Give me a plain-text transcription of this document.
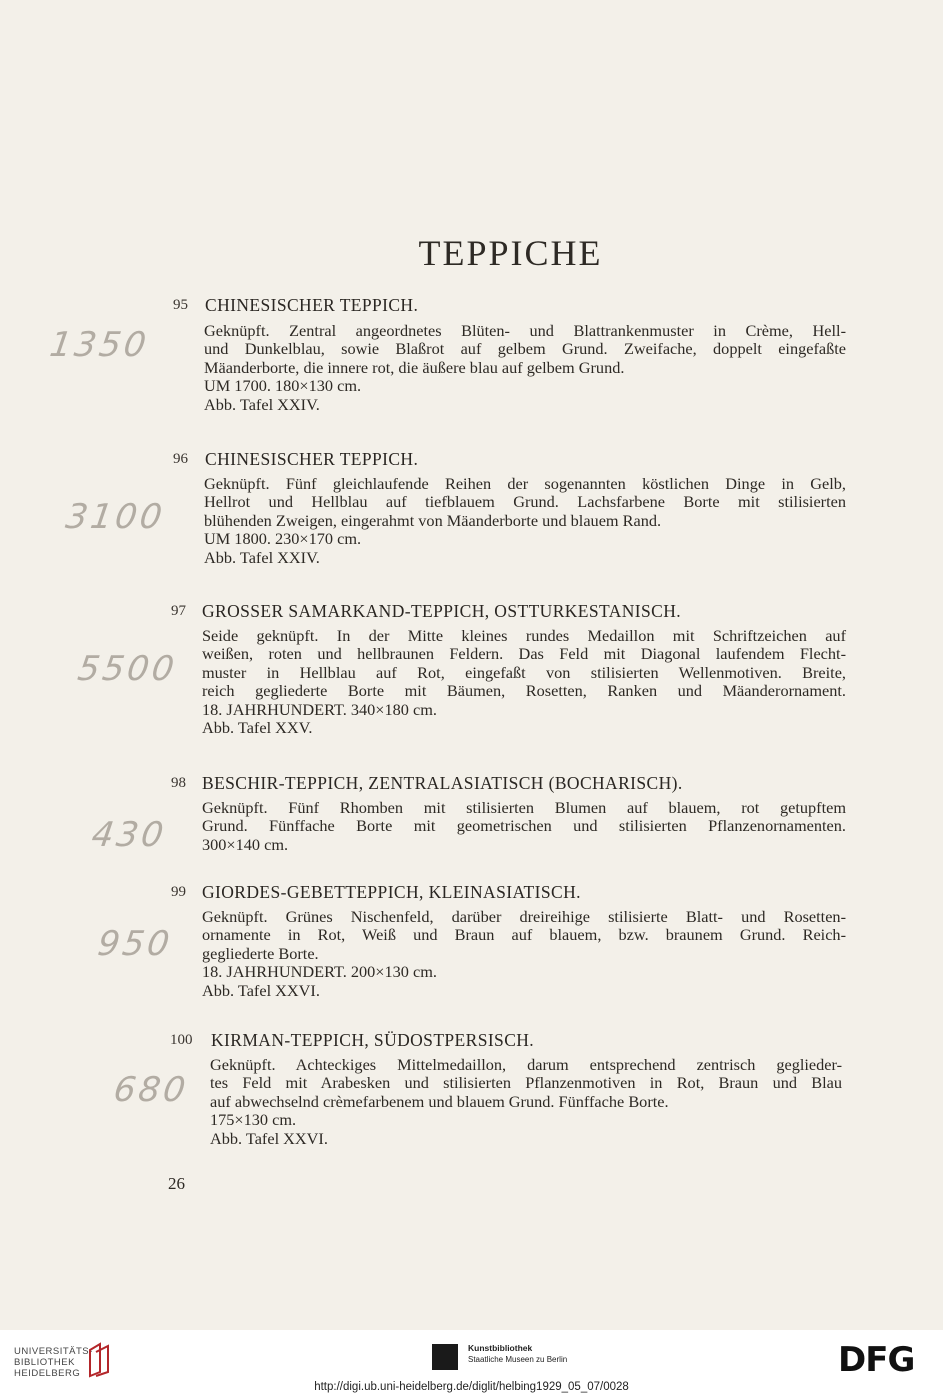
TEPPICHE
95 CHINESISCHER TEPPICH.
1350	Geknüpft. Zentral angeordnetes Blüten- und Blattrankenmuster in Crème, Hell-
und Dunkelblau, sowie Blaßrot auf gelbem Grund. Zweifache, doppelt eingefaßte
Mäanderborte, die innere rot, die äußere blau auf gelbem Grund.
UM 1700. 180×130 cm.
Abb. Tafel XXIV.
96 CHINESISCHER TEPPICH.
3100
Geknüpft. Fünf gleichlaufende Reihen der sogenannten köstlichen Dinge in Gelb,
Hellrot und Hellblau auf tiefblauem Grund. Lachsfarbene Borte mit stilisierten
blühenden Zweigen, eingerahmt von Mäanderborte und blauem Rand.
UM 1800. 230×170 cm.
Abb. Tafel XXIV.
97 GROSSER SAMARKAND-TEPPICH, OSTTURKESTANISCH.
5500
Seide geknüpft. In der Mitte kleines rundes Medaillon mit Schriftzeichen auf
weißen, roten und hellbraunen Feldern. Das Feld mit Diagonal laufendem Flecht-
muster in Hellblau auf Rot, eingefaßt von stilisierten Wellenmotiven. Breite,
reich gegliederte Borte mit Bäumen, Rosetten, Ranken und Mäanderornament.
18. JAHRHUNDERT. 340×180 cm.
Abb. Tafel XXV.
98 BESCHIR-TEPPICH, ZENTRALASIATISCH (BOCHARISCH).
430
Geknüpft. Fünf Rhomben mit stilisierten Blumen auf blauem, rot getupftem
Grund. Fünffache Borte mit geometrischen und stilisierten Pflanzenornamenten.
300×140 cm.
99 GIORDES-GEBETTEPPICH, KLEINASIATISCH.
950
Geknüpft. Grünes Nischenfeld, darüber dreireihige stilisierte Blatt- und Rosetten-
ornamente in Rot, Weiß und Braun auf blauem, bzw. braunem Grund. Reich-
gegliederte Borte.
18. JAHRHUNDERT. 200×130 cm.
Abb. Tafel XXVI.
100 KIRMAN-TEPPICH, SÜDOSTPERSISCH.
680
Geknüpft. Achteckiges Mittelmedaillon, darum entsprechend zentrisch geglieder-
tes Feld mit Arabesken und stilisierten Pflanzenmotiven in Rot, Braun und Blau
auf abwechselnd crèmefarbenem und blauem Grund. Fünffache Borte.
175×130 cm.
Abb. Tafel XXVI.
26
UNIVERSITÄTS-
BIBLIOTHEK
HEIDELBERG
Kunstbibliothek
Staatliche Museen zu Berlin	DFG
http://digi.ub.uni-heidelberg.de/diglit/helbing1929_05_07/0028
